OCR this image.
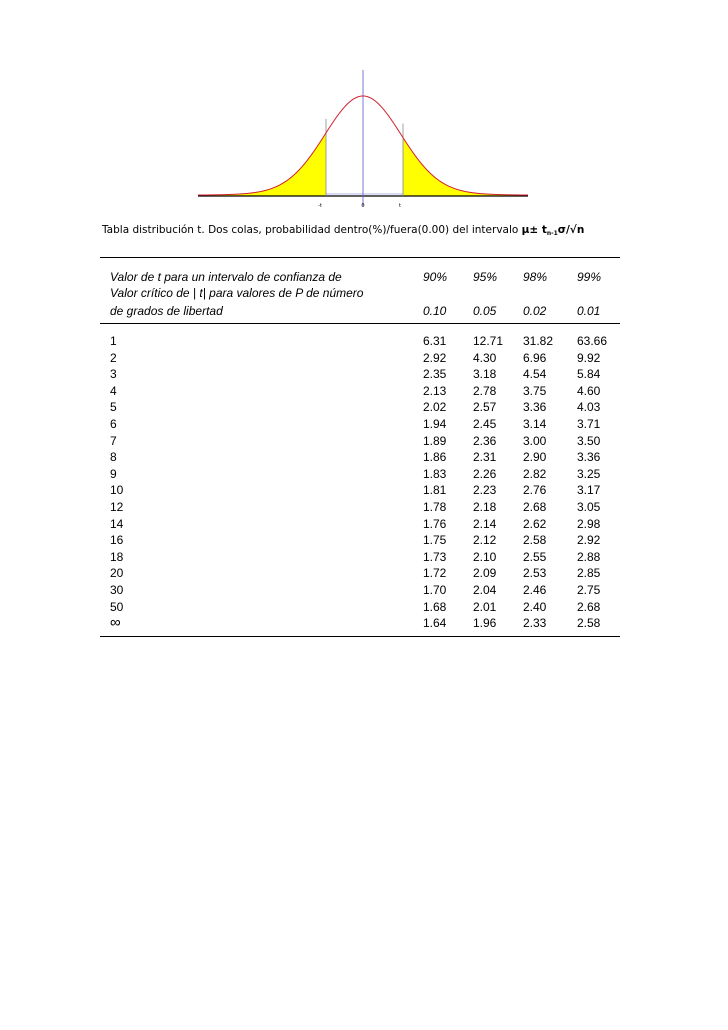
-t	0	t
Tabla distribución t. Dos colas, probabilidad dentro(%)/fuera(0.00) del intervalo $\mu\pm t_{n-1}\sigma/√n$
Valor de t para un intervalo de confianza de	90% 95% 98% 99%
Valor crítico de | t| para valores de P de número
de grados de libertad	0.10 0.05 0.02	0.01
1	6.31 12.71 31.82 63.66
2	2.92 4.30 6.96	9.92
3	2.35 3.18 4.54	5.84
4	2.13 2.78 3.75	4.60
5	2.02 2.57 3.36	4.03
6	1.94 2.45 3.14	3.71
7	1.89 2.36 3.00	3.50
8	1.86 2.31 2.90	3.36
9	1.83 2.26 2.82	3.25
10	1.81 2.23 2.76	3.17
12	1.78 2.18 2.68	3.05
14	1.76 2.14 2.62	2.98
16	1.75 2.12 2.58	2.92
18	1.73 2.10 2.55	2.88
20	1.72 2.09 2.53	2.85
30	1.70 2.04 2.46	2.75
50	1.68 2.01 2.40	2.68
∞	1.64 1.96 2.33	2.58
